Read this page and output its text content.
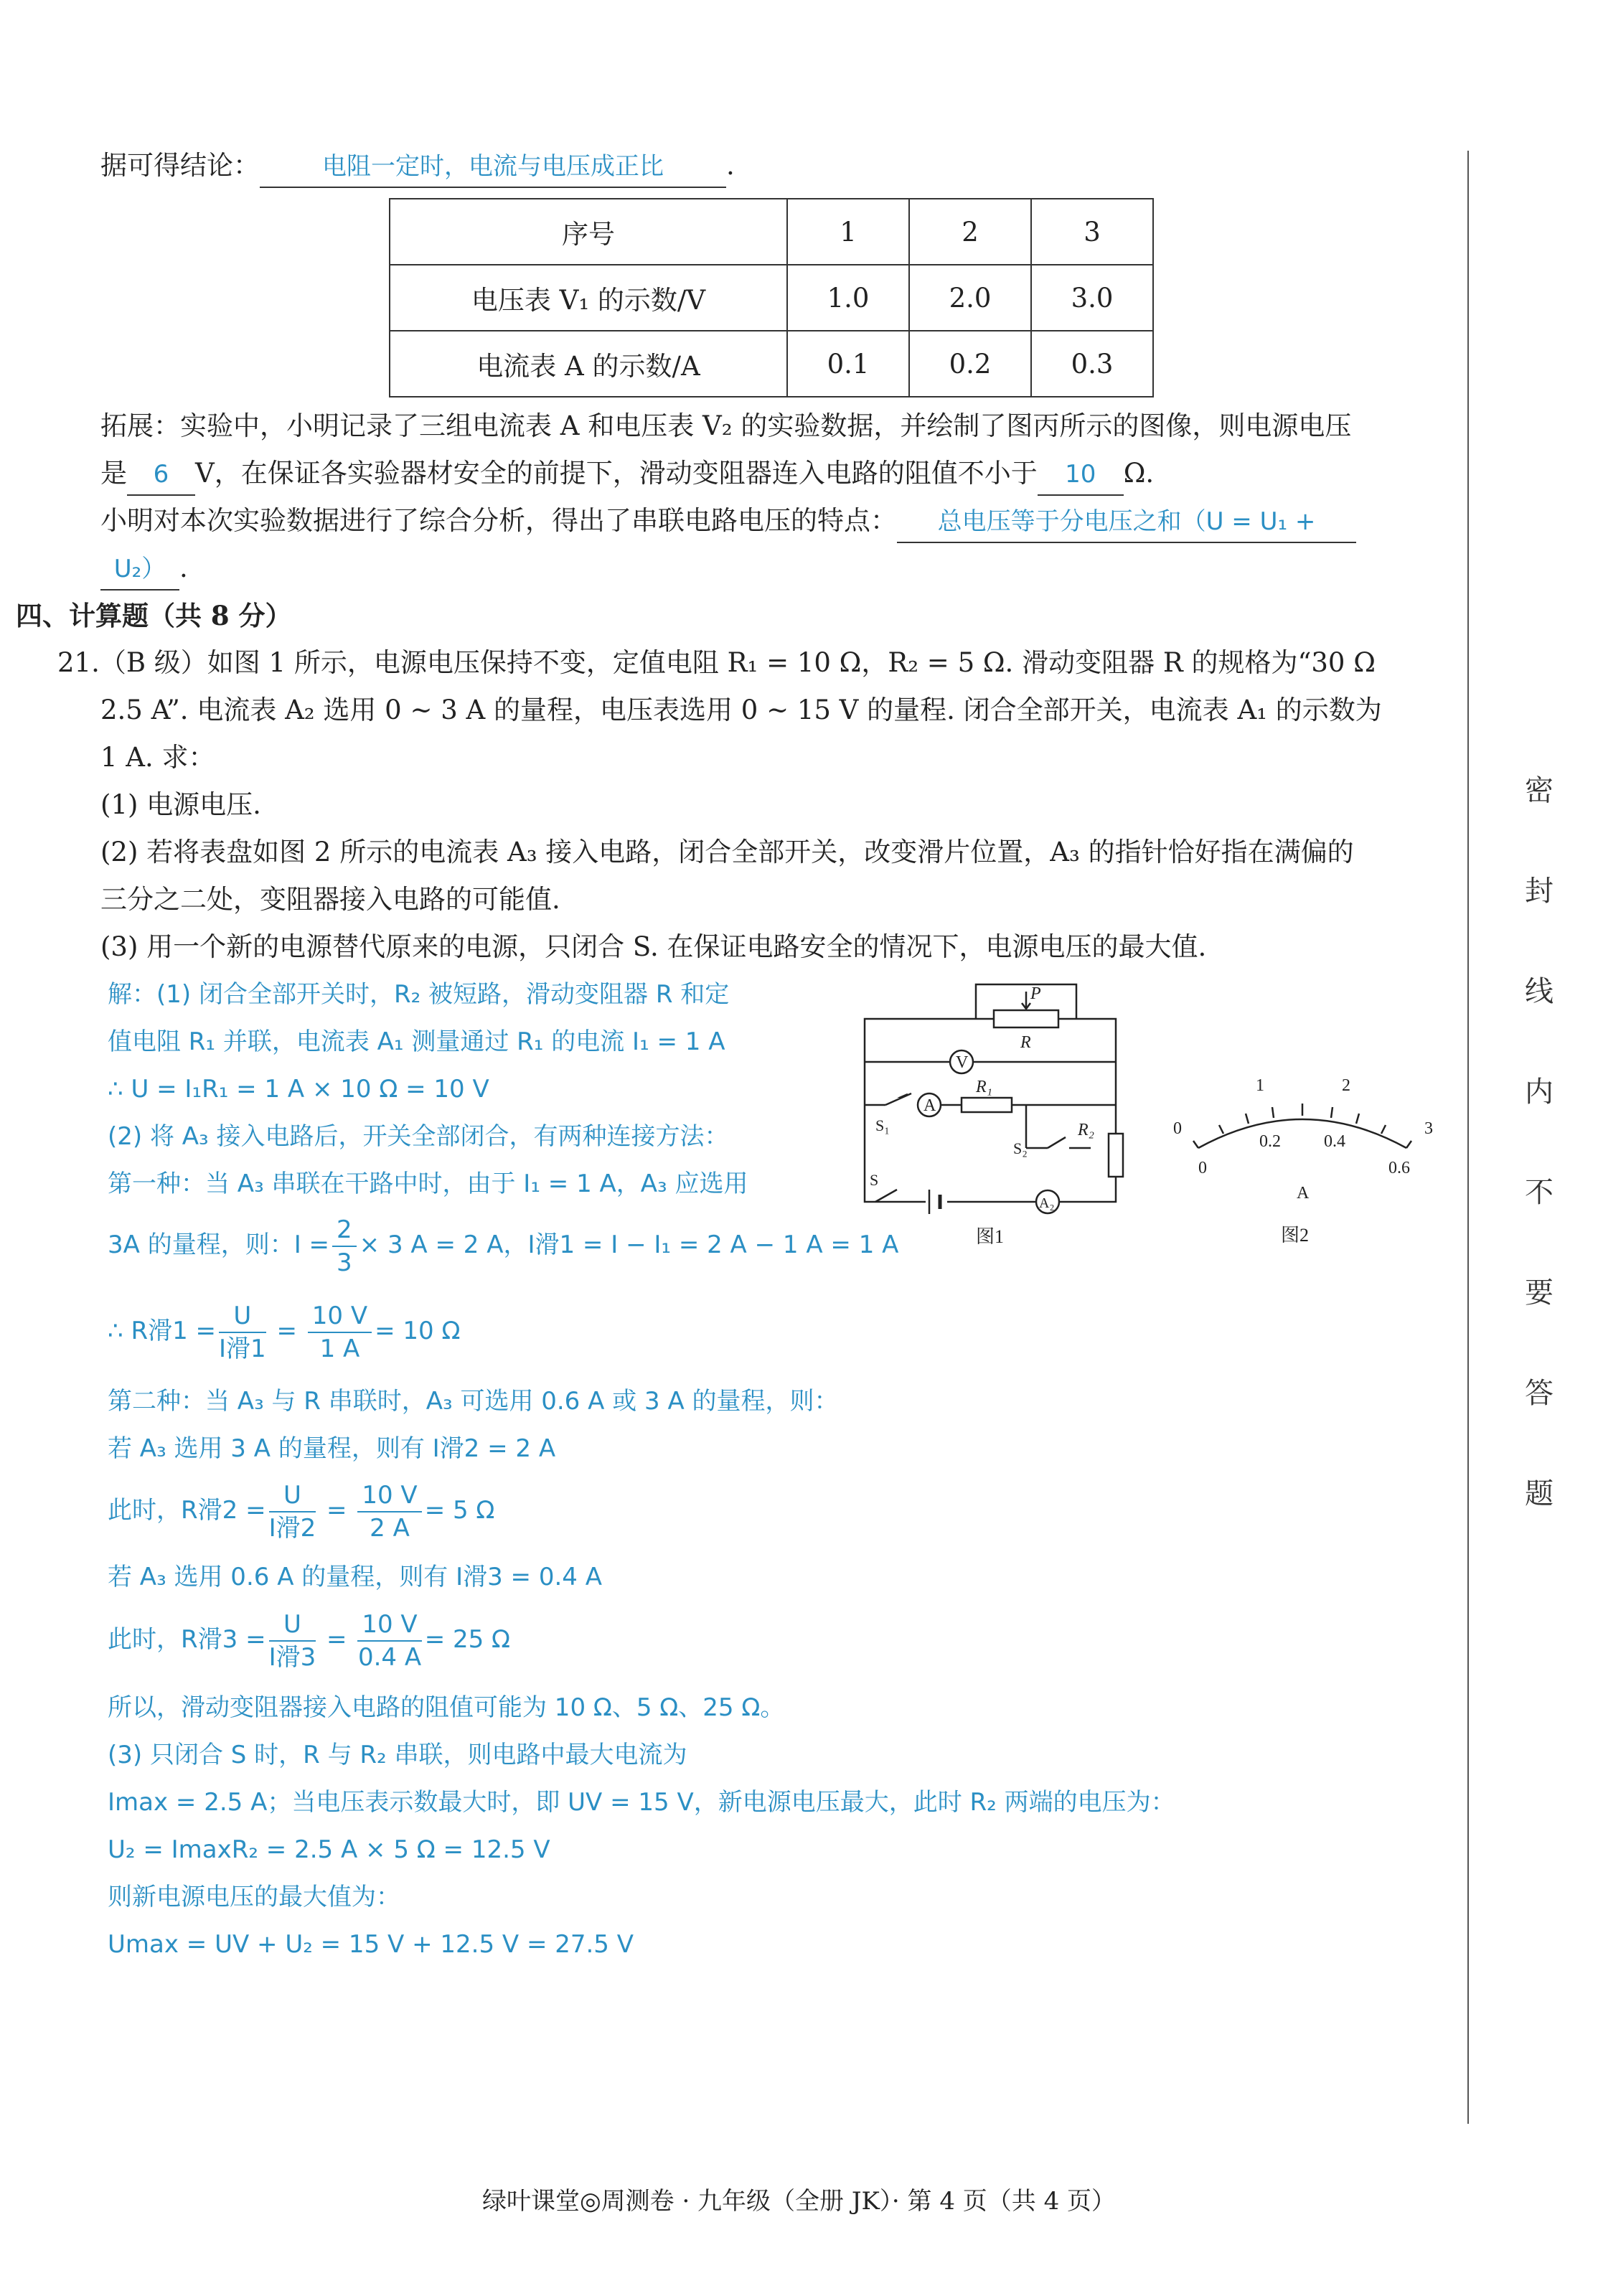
据可得结论：	电阻一定时，电流与电压成正比 .
序号	1	2	3
电压表 V₁ 的示数/V	1.0	2.0	3.0
电流表 A 的示数/A	0.1	0.2	0.3
拓展：实验中，小明记录了三组电流表 A 和电压表 V₂ 的实验数据，并绘制了图丙所示的图像，则电源电压
是 6 V，在保证各实验器材安全的前提下，滑动变阻器连入电路的阻值不小于 10 Ω.
小明对本次实验数据进行了综合分析，得出了串联电路电压的特点： 总电压等于分电压之和（U = U₁ +
U₂） .
四、计算题（共 8 分）
21.（B 级）如图 1 所示，电源电压保持不变，定值电阻 R₁ = 10 Ω，R₂ = 5 Ω. 滑动变阻器 R 的规格为“30 Ω
2.5 A”. 电流表 A₂ 选用 0 ~ 3 A 的量程，电压表选用 0 ~ 15 V 的量程. 闭合全部开关，电流表 A₁ 的示数为
1 A. 求：
(1) 电源电压.
(2) 若将表盘如图 2 所示的电流表 A₃ 接入电路，闭合全部开关，改变滑片位置，A₃ 的指针恰好指在满偏的
三分之二处，变阻器接入电路的可能值.
(3) 用一个新的电源替代原来的电源，只闭合 S. 在保证电路安全的情况下，电源电压的最大值.
解：(1) 闭合全部开关时，R₂ 被短路，滑动变阻器 R 和定
值电阻 R₁ 并联，电流表 A₁ 测量通过 R₁ 的电流 I₁ = 1 A
∴ U = I₁R₁ = 1 A × 10 Ω = 10 V
(2) 将 A₃ 接入电路后，开关全部闭合，有两种连接方法：
第一种：当 A₃ 串联在干路中时，由于 I₁ = 1 A，A₃ 应选用
3A 的量程，则：$I = \frac{2}{3} \times 3$ A = 2 A，I滑1 = I − I₁ = 2 A − 1 A = 1 A
∴ R滑$1 = \frac{U}{\text{I滑1}} = \frac{10 V}{1 A} = 10$ Ω
第二种：当 A₃ 与 R 串联时，A₃ 可选用 0.6 A 或 3 A 的量程，则：
若 A₃ 选用 3 A 的量程，则有 I滑2 = 2 A
此时，R滑$2 = \frac{U}{\text{I滑2}} = \frac{10 V}{2 A} = 5$ Ω
若 A₃ 选用 0.6 A 的量程，则有 I滑3 = 0.4 A
此时，R滑$3 = \frac{U}{\text{I滑3}} = \frac{10 V}{0.4 A} = 25$ Ω
所以，滑动变阻器接入电路的阻值可能为 10 Ω、5 Ω、25 Ω。
(3) 只闭合 S 时，R 与 R₂ 串联，则电路中最大电流为
Imax = 2.5 A；当电压表示数最大时，即 UV = 15 V，新电源电压最大，此时 R₂ 两端的电压为：
U₂ = ImaxR₂ = 2.5 A × 5 Ω = 12.5 V
则新电源电压的最大值为：
Umax = UV + U₂ = 15 V + 12.5 V = 27.5 V
P
R
V
S₁
A
R₁
S₂
R₂
S
A₂
图1
0
1	2
3
0
0.2	0.4
0.6
A
图2
密
封
线
内
不
要
答
题
绿叶课堂◎周测卷 · 九年级（全册 JK）· 第 4 页（共 4 页）
